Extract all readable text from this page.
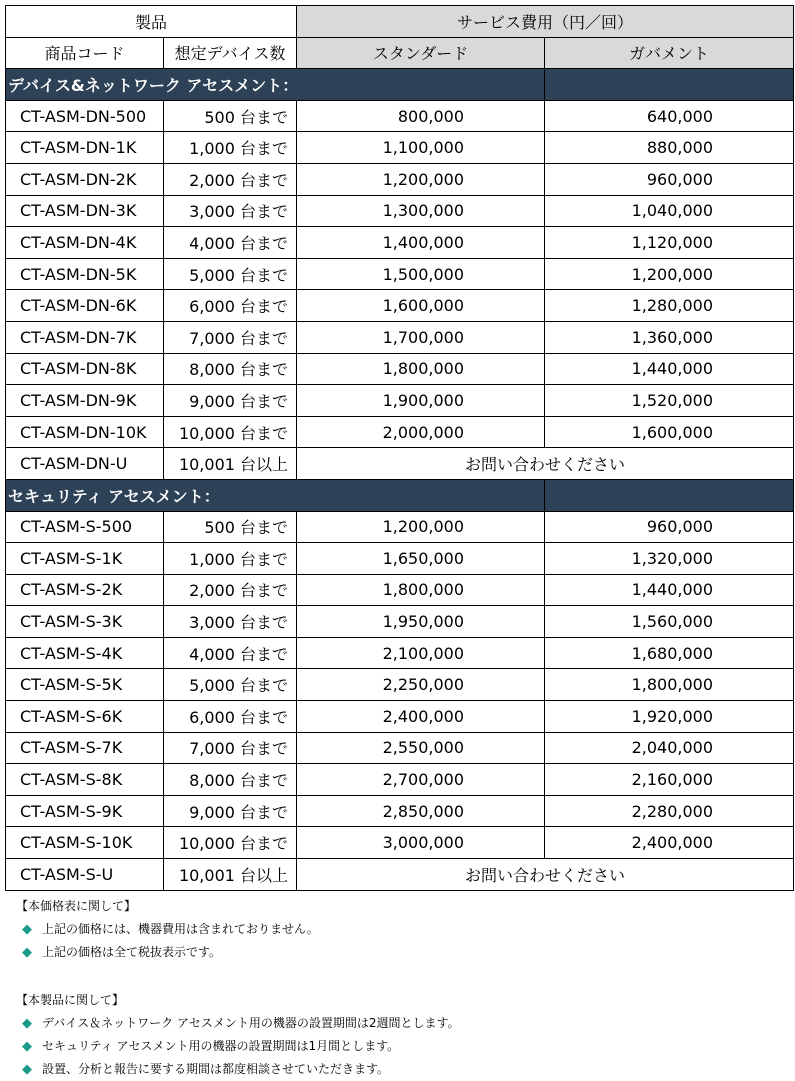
製品		サービス費用（円／回）	
商品コード	想定デバイス数	スタンダード	ガバメント
デバイス&ネットワーク アセスメント：			
CT-ASM-DN-500	500 台まで	800,000	640,000
CT-ASM-DN-1K	1,000 台まで	1,100,000	880,000
CT-ASM-DN-2K	2,000 台まで	1,200,000	960,000
CT-ASM-DN-3K	3,000 台まで	1,300,000	1,040,000
CT-ASM-DN-4K	4,000 台まで	1,400,000	1,120,000
CT-ASM-DN-5K	5,000 台まで	1,500,000	1,200,000
CT-ASM-DN-6K	6,000 台まで	1,600,000	1,280,000
CT-ASM-DN-7K	7,000 台まで	1,700,000	1,360,000
CT-ASM-DN-8K	8,000 台まで	1,800,000	1,440,000
CT-ASM-DN-9K	9,000 台まで	1,900,000	1,520,000
CT-ASM-DN-10K	10,000 台まで	2,000,000	1,600,000
CT-ASM-DN-U	10,001 台以上	お問い合わせください	
セキュリティ アセスメント：			
CT-ASM-S-500	500 台まで	1,200,000	960,000
CT-ASM-S-1K	1,000 台まで	1,650,000	1,320,000
CT-ASM-S-2K	2,000 台まで	1,800,000	1,440,000
CT-ASM-S-3K	3,000 台まで	1,950,000	1,560,000
CT-ASM-S-4K	4,000 台まで	2,100,000	1,680,000
CT-ASM-S-5K	5,000 台まで	2,250,000	1,800,000
CT-ASM-S-6K	6,000 台まで	2,400,000	1,920,000
CT-ASM-S-7K	7,000 台まで	2,550,000	2,040,000
CT-ASM-S-8K	8,000 台まで	2,700,000	2,160,000
CT-ASM-S-9K	9,000 台まで	2,850,000	2,280,000
CT-ASM-S-10K	10,000 台まで	3,000,000	2,400,000
CT-ASM-S-U	10,001 台以上	お問い合わせください	
【本価格表に関して】
◆ 上記の価格には、機器費用は含まれておりません。
◆ 上記の価格は全て税抜表示です。
【本製品に関して】
◆ デバイス＆ネットワーク アセスメント用の機器の設置期間は2週間とします。
◆ セキュリティ アセスメント用の機器の設置期間は1月間とします。
◆ 設置、分析と報告に要する期間は都度相談させていただきます。
